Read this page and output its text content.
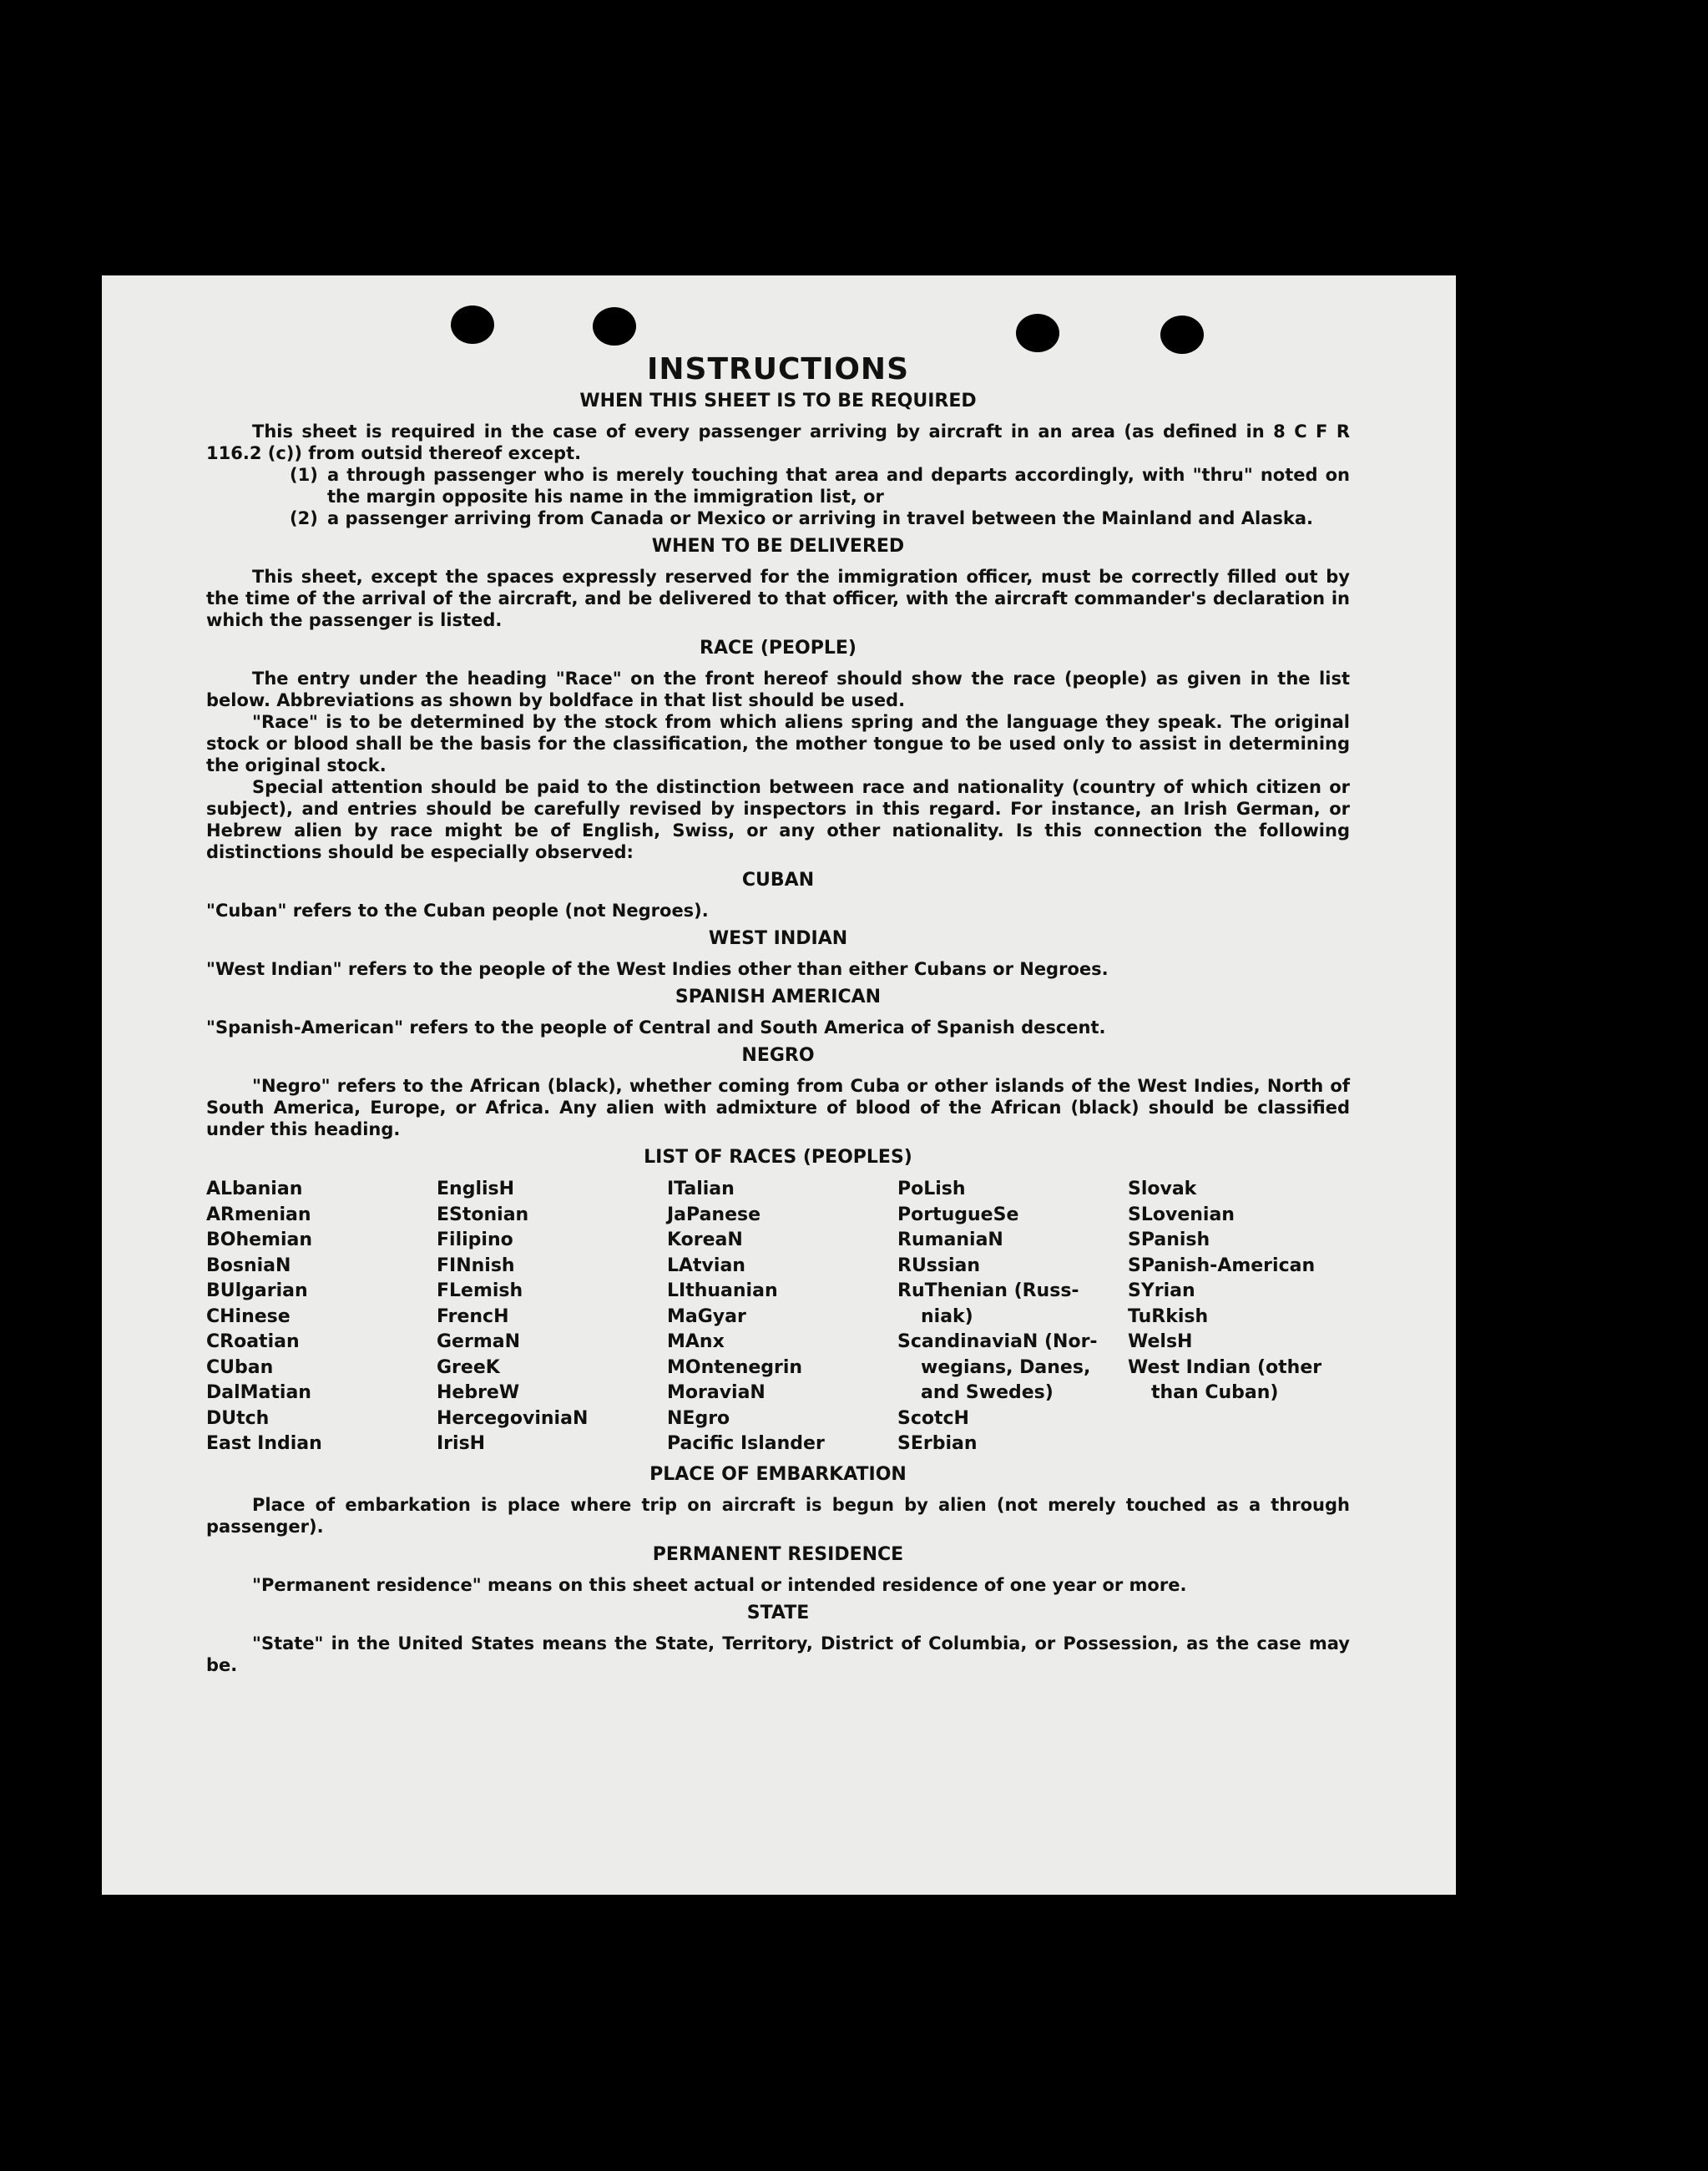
INSTRUCTIONS
WHEN THIS SHEET IS TO BE REQUIRED

This sheet is required in the case of every passenger arriving by aircraft in an area (as defined in 8 C F R 116.2 (c)) from outsid thereof except.

(1) a through passenger who is merely touching that area and departs accordingly, with "thru" noted on the margin opposite his name in the immigration list, or
(2) a passenger arriving from Canada or Mexico or arriving in travel between the Mainland and Alaska.
WHEN TO BE DELIVERED

This sheet, except the spaces expressly reserved for the immigration officer, must be correctly filled out by the time of the arrival of the aircraft, and be delivered to that officer, with the aircraft commander's declaration in which the passenger is listed.

RACE (PEOPLE)

The entry under the heading "Race" on the front hereof should show the race (people) as given in the list below. Abbreviations as shown by boldface in that list should be used.

"Race" is to be determined by the stock from which aliens spring and the language they speak. The original stock or blood shall be the basis for the classification, the mother tongue to be used only to assist in determining the original stock.

Special attention should be paid to the distinction between race and nationality (country of which citizen or subject), and entries should be carefully revised by inspectors in this regard. For instance, an Irish German, or Hebrew alien by race might be of English, Swiss, or any other nationality. Is this connection the following distinctions should be especially observed:

CUBAN

"Cuban" refers to the Cuban people (not Negroes).

WEST INDIAN

"West Indian" refers to the people of the West Indies other than either Cubans or Negroes.

SPANISH AMERICAN

"Spanish-American" refers to the people of Central and South America of Spanish descent.

NEGRO

"Negro" refers to the African (black), whether coming from Cuba or other islands of the West Indies, North of South America, Europe, or Africa. Any alien with admixture of blood of the African (black) should be classified under this heading.

LIST OF RACES (PEOPLES)
ALbanian
ARmenian
BOhemian
BosniaN
BUlgarian
CHinese
CRoatian
CUban
DalMatian
DUtch
East Indian
EnglisH
EStonian
Filipino
FINnish
FLemish
FrencH
GermaN
GreeK
HebreW
HercegoviniaN
IrisH
ITalian
JaPanese
KoreaN
LAtvian
LIthuanian
MaGyar
MAnx
MOntenegrin
MoraviaN
NEgro
Pacific Islander
PoLish
PortugueSe
RumaniaN
RUssian
RuThenian (Russ-
niak)
ScandinaviaN (Nor-
wegians, Danes,
and Swedes)
ScotcH
SErbian
Slovak
SLovenian
SPanish
SPanish-American
SYrian
TuRkish
WelsH
West Indian (other
than Cuban)
PLACE OF EMBARKATION

Place of embarkation is place where trip on aircraft is begun by alien (not merely touched as a through passenger).

PERMANENT RESIDENCE

"Permanent residence" means on this sheet actual or intended residence of one year or more.

STATE

"State" in the United States means the State, Territory, District of Columbia, or Possession, as the case may be.
